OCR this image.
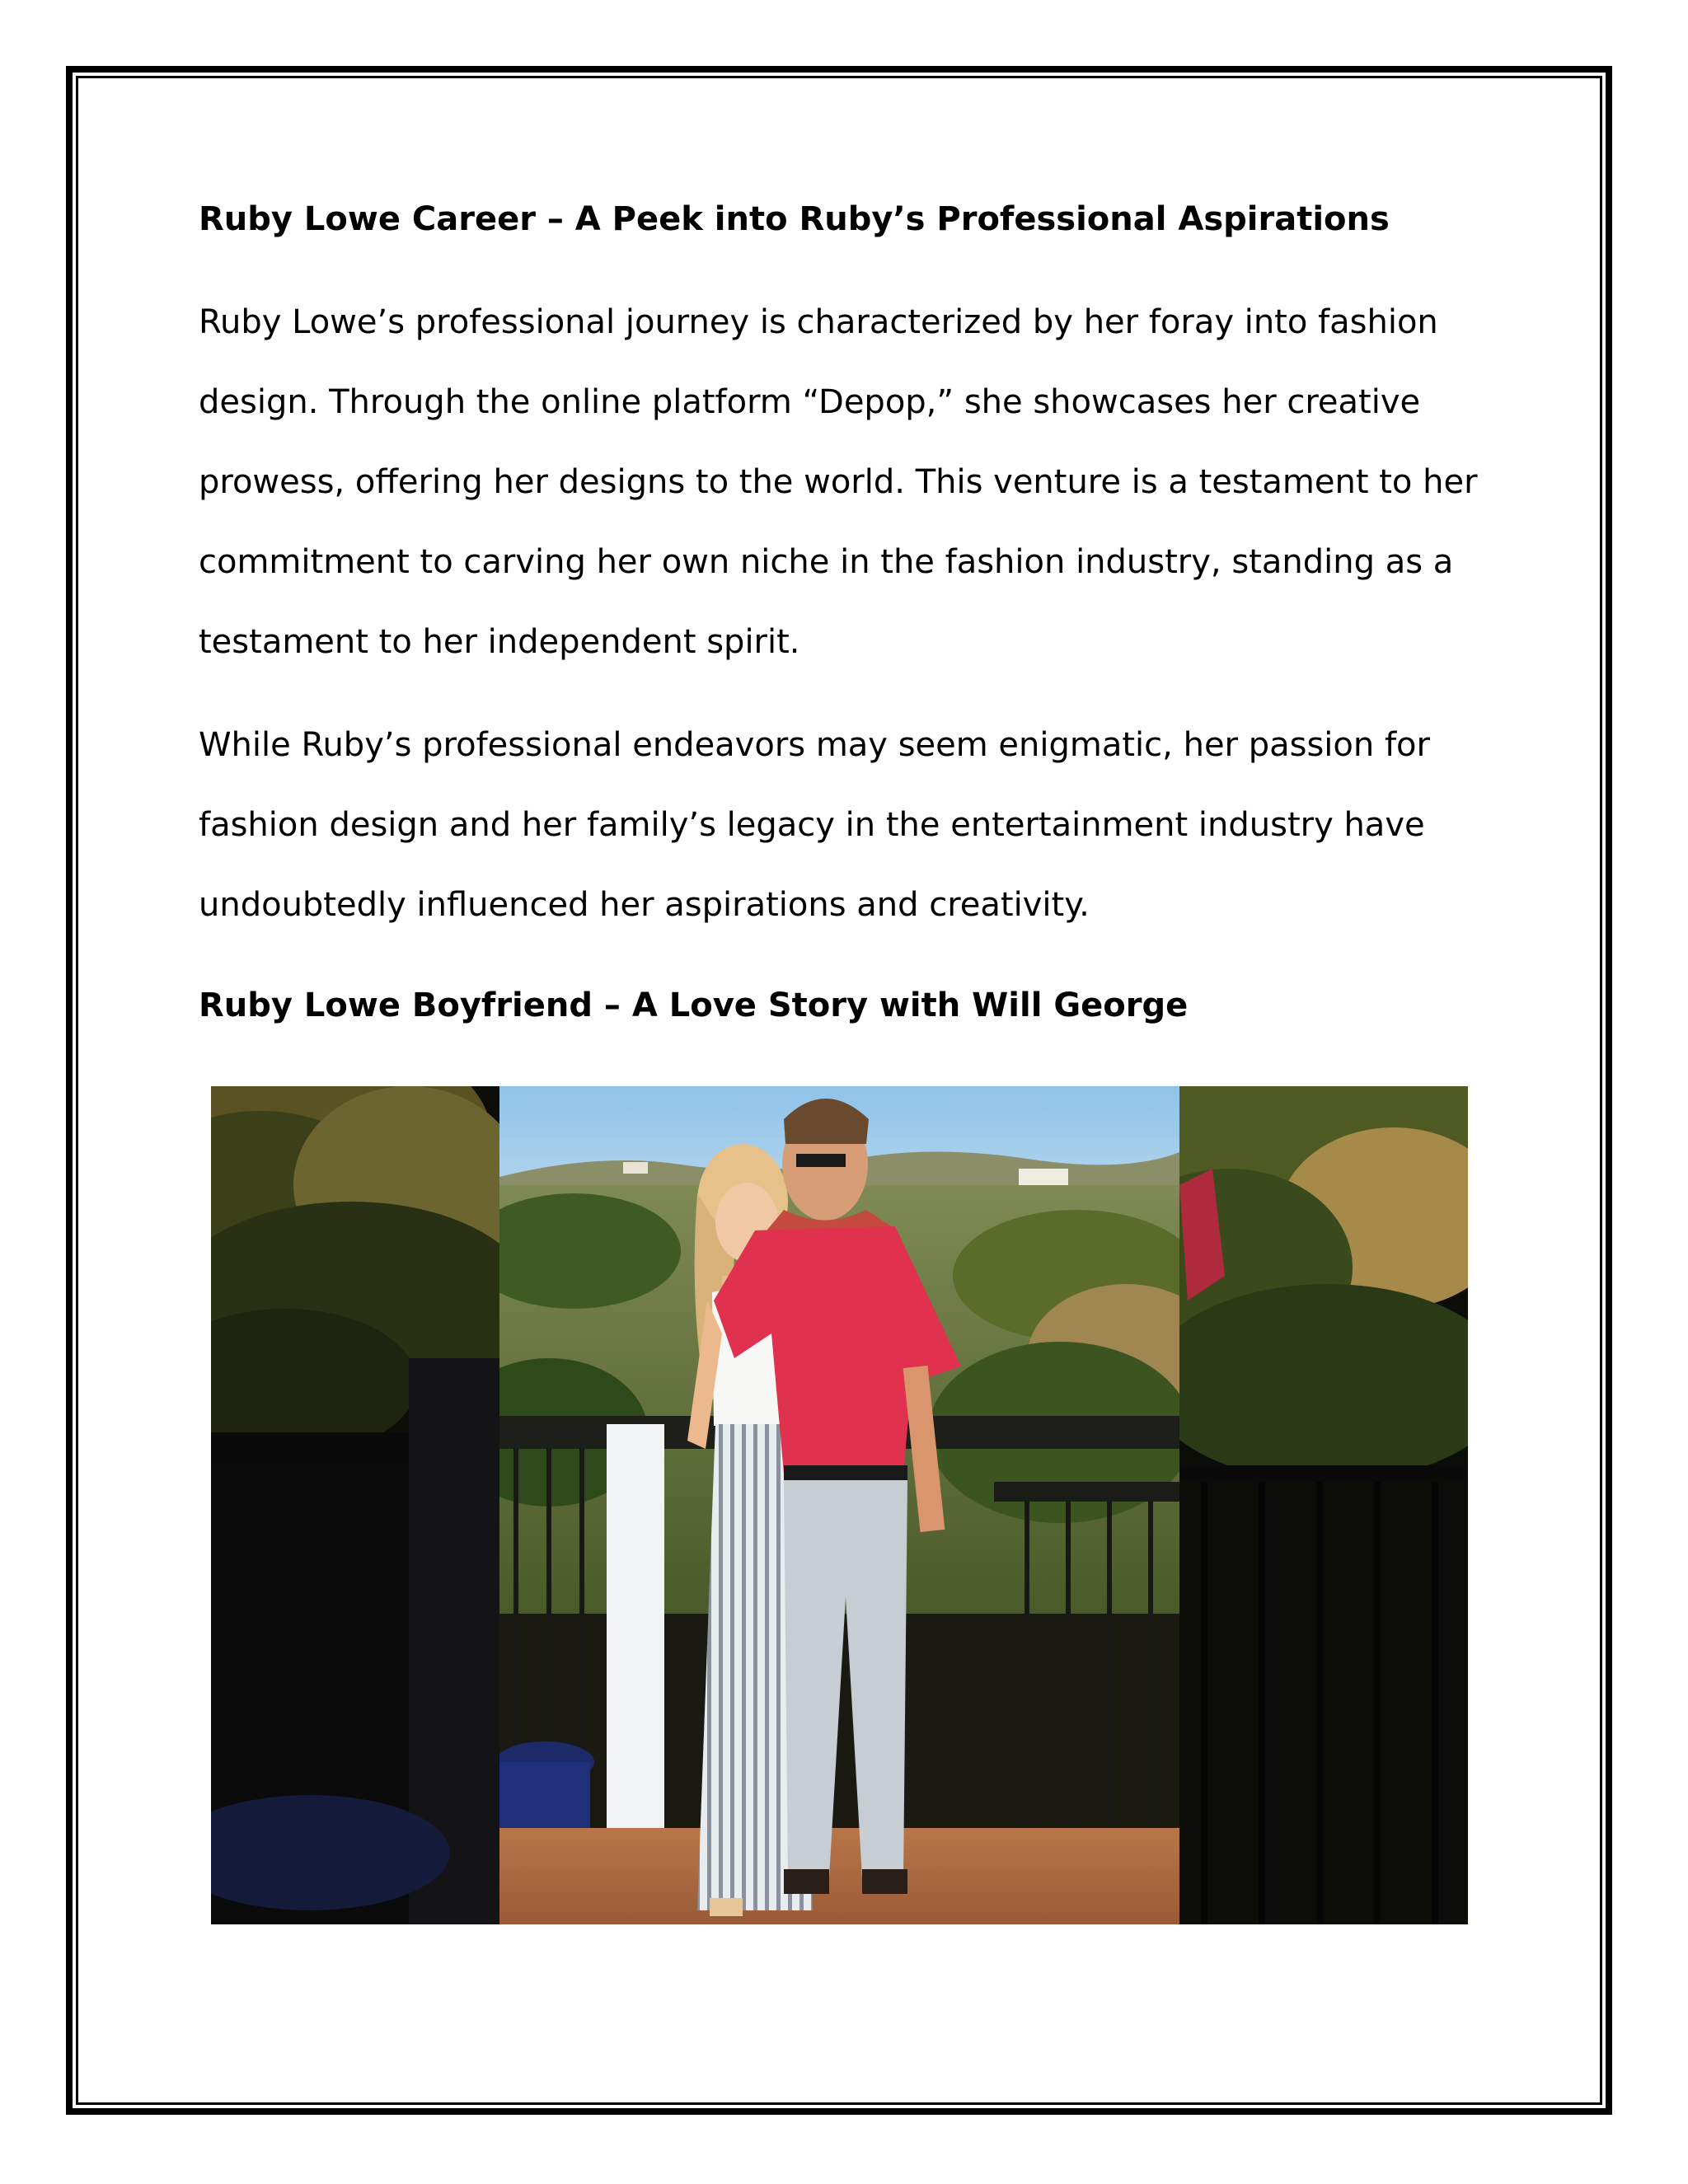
Ruby Lowe Career – A Peek into Ruby’s Professional Aspirations

Ruby Lowe’s professional journey is characterized by her foray into fashion design. Through the online platform “Depop,” she showcases her creative prowess, offering her designs to the world. This venture is a testament to her commitment to carving her own niche in the fashion industry, standing as a testament to her independent spirit.

While Ruby’s professional endeavors may seem enigmatic, her passion for fashion design and her family’s legacy in the entertainment industry have undoubtedly influenced her aspirations and creativity.

Ruby Lowe Boyfriend – A Love Story with Will George
